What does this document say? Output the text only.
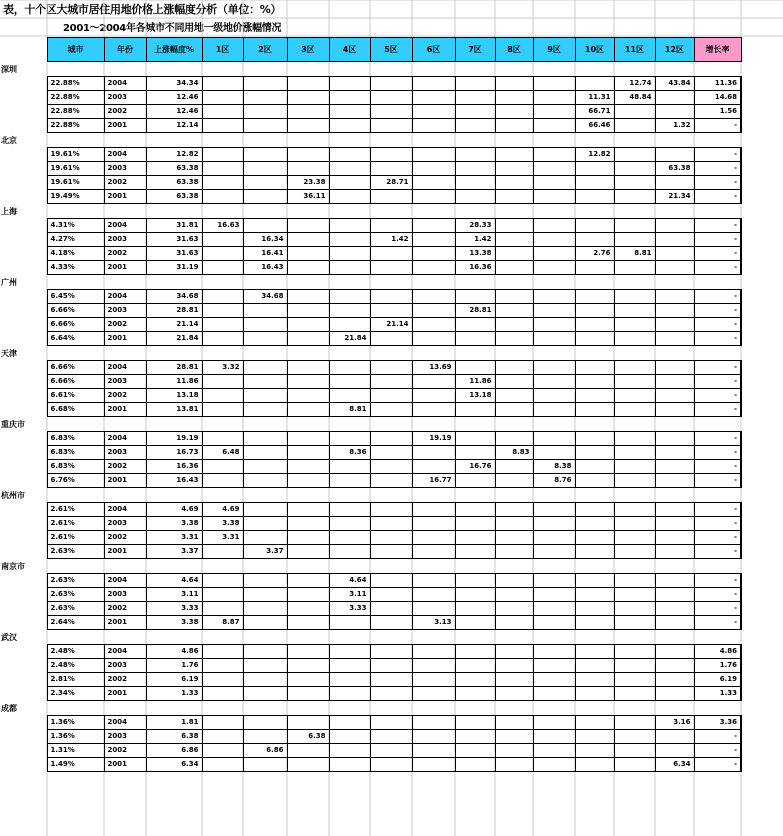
表，十个区大城市居住用地价格上涨幅度分析（单位：%）
2001～2004年各城市不同用地一级地价涨幅情况
	城市	年份	上涨幅度%	1区	2区	3区	4区	5区	6区	7区	8区	9区	10区	11区	12区	增长率
深圳																
	22.88%	2004	34.34											12.74	43.84	11.36
	22.88%	2003	12.46										11.31	48.84		14.68
	22.88%	2002	12.46										66.71			1.56
	22.88%	2001	12.14										66.46		1.32	-
北京																
	19.61%	2004	12.82										12.82			-
	19.61%	2003	63.38												63.38	-
	19.61%	2002	63.38			23.38		28.71								-
	19.49%	2001	63.38			36.11									21.34	-
上海																
	4.31%	2004	31.81	16.63						28.33						-
	4.27%	2003	31.63		16.34			1.42		1.42						-
	4.18%	2002	31.63		16.41					13.38			2.76	8.81		-
	4.33%	2001	31.19		16.43					16.36						-
广州																
	6.45%	2004	34.68		34.68											-
	6.66%	2003	28.81							28.81						-
	6.66%	2002	21.14					21.14								-
	6.64%	2001	21.84				21.84									-
天津																
	6.66%	2004	28.81	3.32					13.69							-
	6.66%	2003	11.86							11.86						-
	6.61%	2002	13.18							13.18						-
	6.68%	2001	13.81				8.81									-
重庆市																
	6.83%	2004	19.19						19.19							-
	6.83%	2003	16.73	6.48			8.36				8.83					-
	6.83%	2002	16.36							16.76		8.38				-
	6.76%	2001	16.43						16.77			8.76				-
杭州市																
	2.61%	2004	4.69	4.69												-
	2.61%	2003	3.38	3.38												-
	2.61%	2002	3.31	3.31												-
	2.63%	2001	3.37		3.37											-
南京市																
	2.63%	2004	4.64				4.64									-
	2.63%	2003	3.11				3.11									-
	2.63%	2002	3.33				3.33									-
	2.64%	2001	3.38	8.87					3.13							-
武汉																
	2.48%	2004	4.86													4.86
	2.48%	2003	1.76													1.76
	2.81%	2002	6.19													6.19
	2.34%	2001	1.33													1.33
成都																
	1.36%	2004	1.81												3.16	3.36
	1.36%	2003	6.38			6.38										-
	1.31%	2002	6.86		6.86											-
	1.49%	2001	6.34												6.34	-
